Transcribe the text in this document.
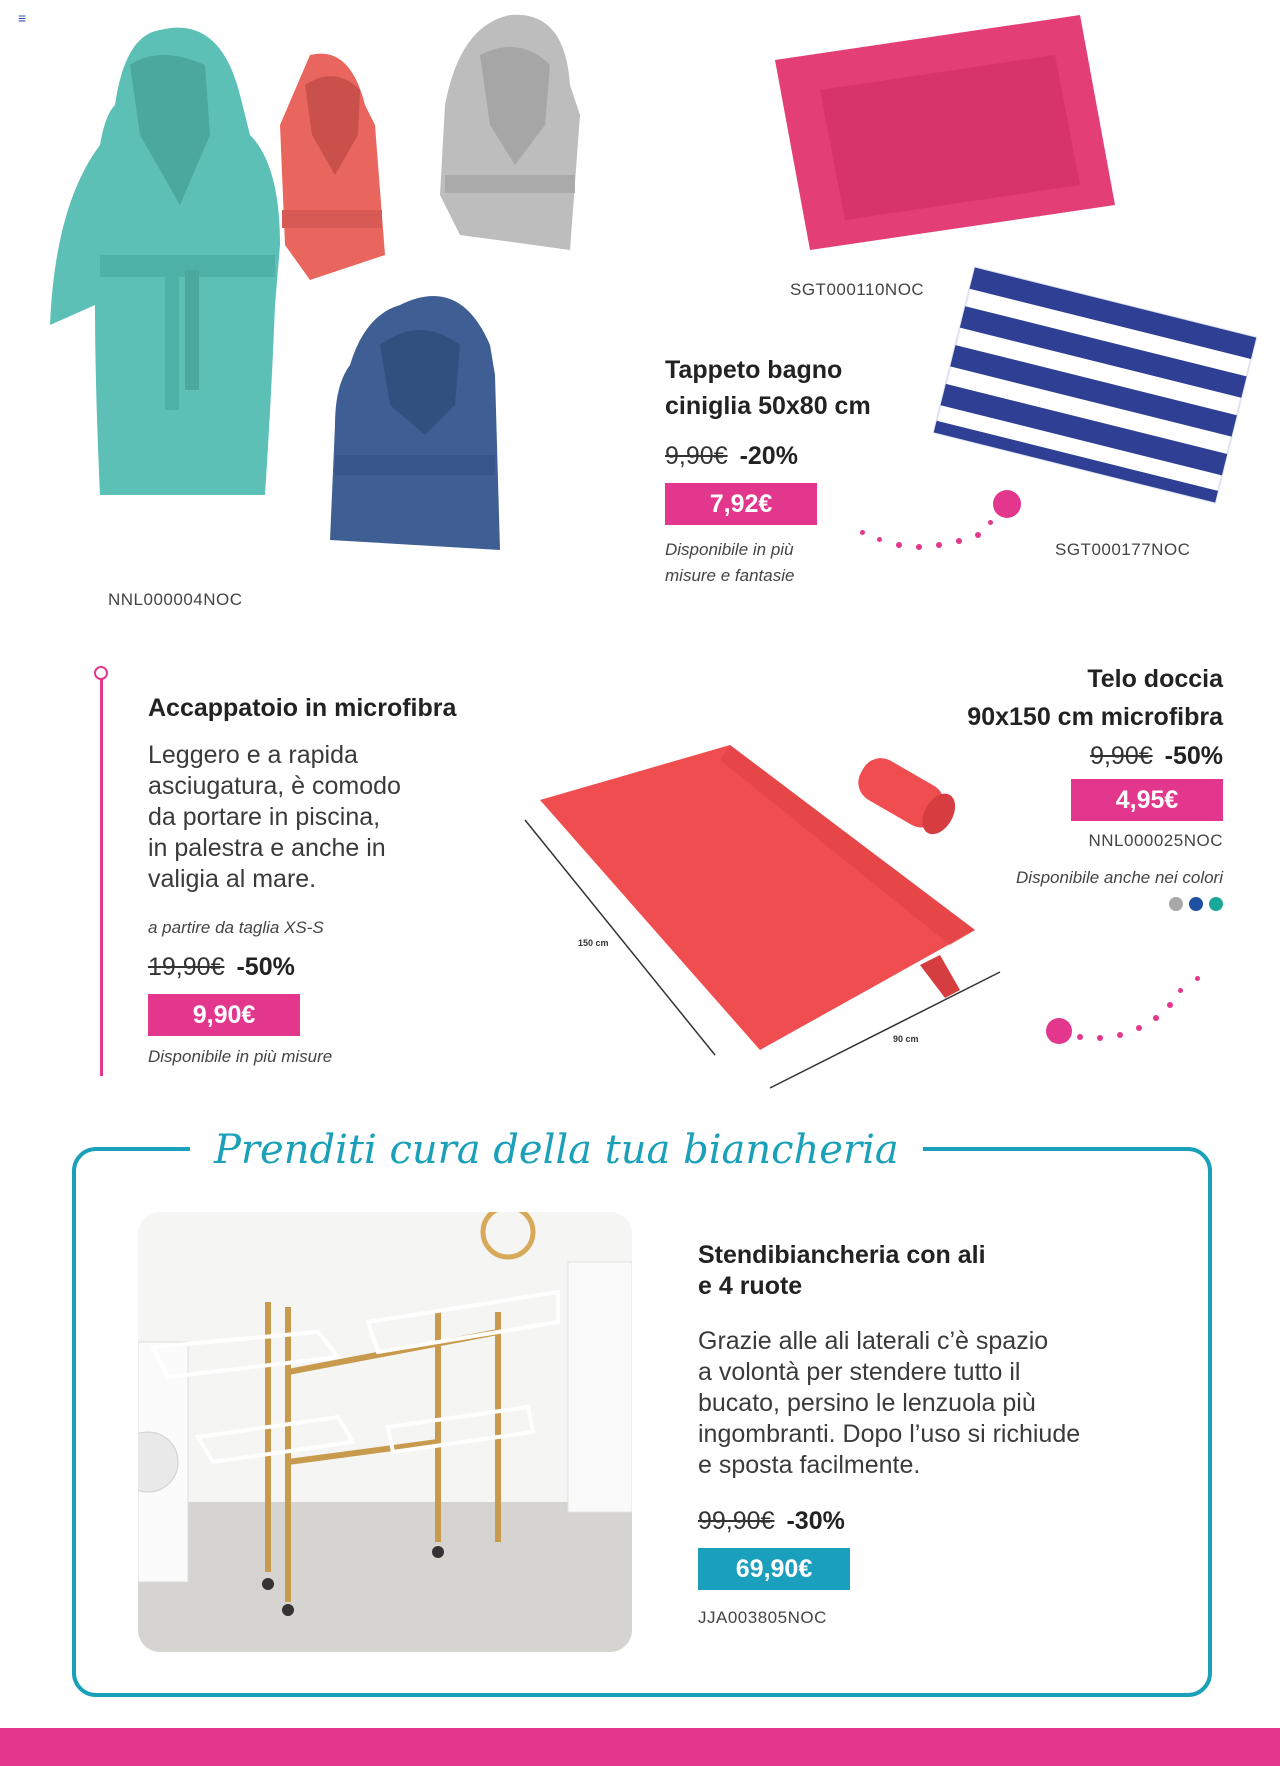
≡
NNL000004NOC
SGT000110NOC
SGT000177NOC
Tappeto bagno
ciniglia 50x80 cm
9,90€ -20%
7,92€
Disponibile in più
misure e fantasie
Accappatoio in microfibra
Leggero e a rapida
asciugatura, è comodo
da portare in piscina,
in palestra e anche in
valigia al mare.
a partire da taglia XS-S
19,90€ -50%
9,90€
Disponibile in più misure
150 cm
90 cm
Telo doccia
90x150 cm microfibra
9,90€ -50%
4,95€
NNL000025NOC
Disponibile anche nei colori
Prenditi cura della tua biancheria
Stendibiancheria con ali
e 4 ruote
Grazie alle ali laterali c’è spazio
a volontà per stendere tutto il
bucato, persino le lenzuola più
ingombranti. Dopo l’uso si richiude
e sposta facilmente.
99,90€ -30%
69,90€
JJA003805NOC
